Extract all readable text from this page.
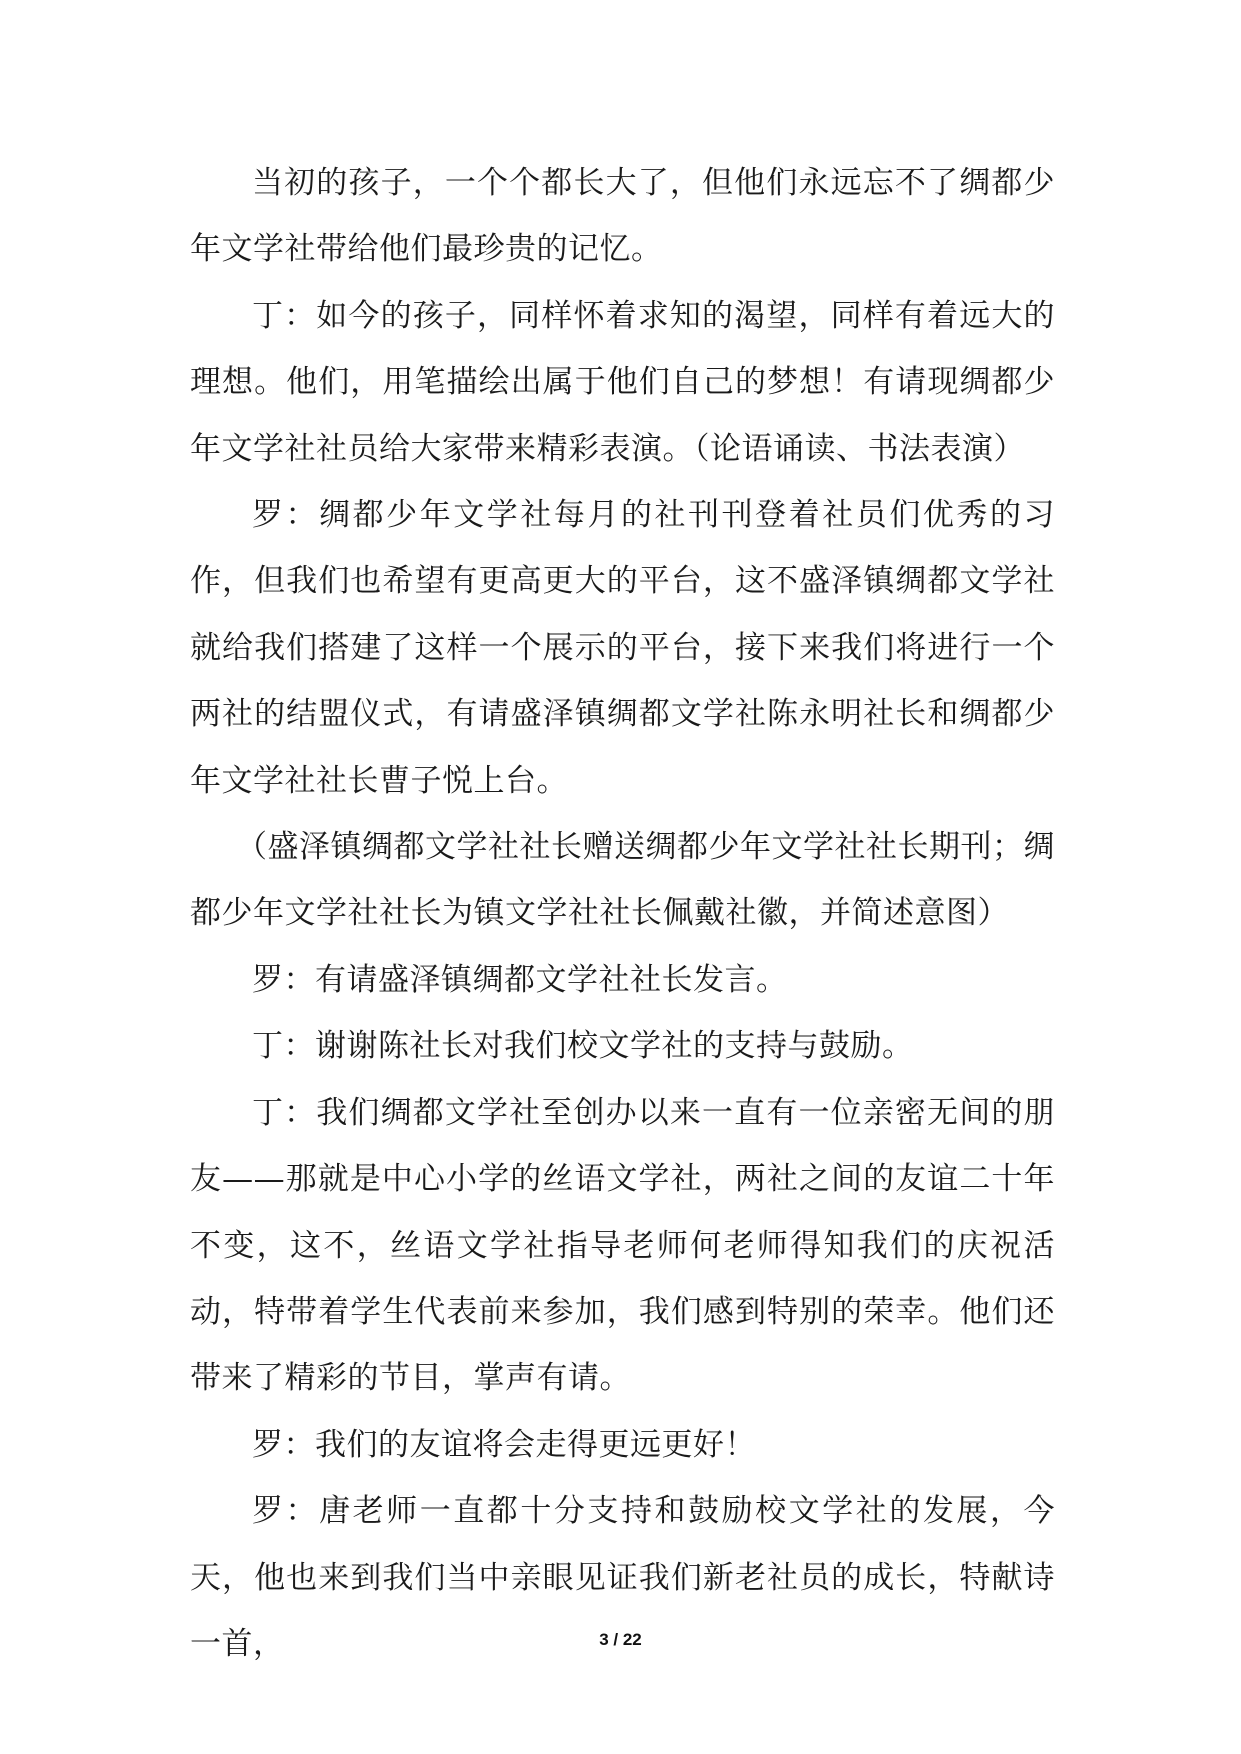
当初的孩子，一个个都长大了，但他们永远忘不了绸都少年文学社带给他们最珍贵的记忆。

丁：如今的孩子，同样怀着求知的渴望，同样有着远大的理想。他们，用笔描绘出属于他们自己的梦想！有请现绸都少年文学社社员给大家带来精彩表演。（论语诵读、书法表演）

罗：绸都少年文学社每月的社刊刊登着社员们优秀的习作，但我们也希望有更高更大的平台，这不盛泽镇绸都文学社就给我们搭建了这样一个展示的平台，接下来我们将进行一个两社的结盟仪式，有请盛泽镇绸都文学社陈永明社长和绸都少年文学社社长曹子悦上台。

（盛泽镇绸都文学社社长赠送绸都少年文学社社长期刊；绸都少年文学社社长为镇文学社社长佩戴社徽，并简述意图）

罗：有请盛泽镇绸都文学社社长发言。

丁：谢谢陈社长对我们校文学社的支持与鼓励。

丁：我们绸都文学社至创办以来一直有一位亲密无间的朋友——那就是中心小学的丝语文学社，两社之间的友谊二十年不变，这不，丝语文学社指导老师何老师得知我们的庆祝活动，特带着学生代表前来参加，我们感到特别的荣幸。他们还带来了精彩的节目，掌声有请。

罗：我们的友谊将会走得更远更好！

罗：唐老师一直都十分支持和鼓励校文学社的发展，今天，他也来到我们当中亲眼见证我们新老社员的成长，特献诗一首，	3 / 22
